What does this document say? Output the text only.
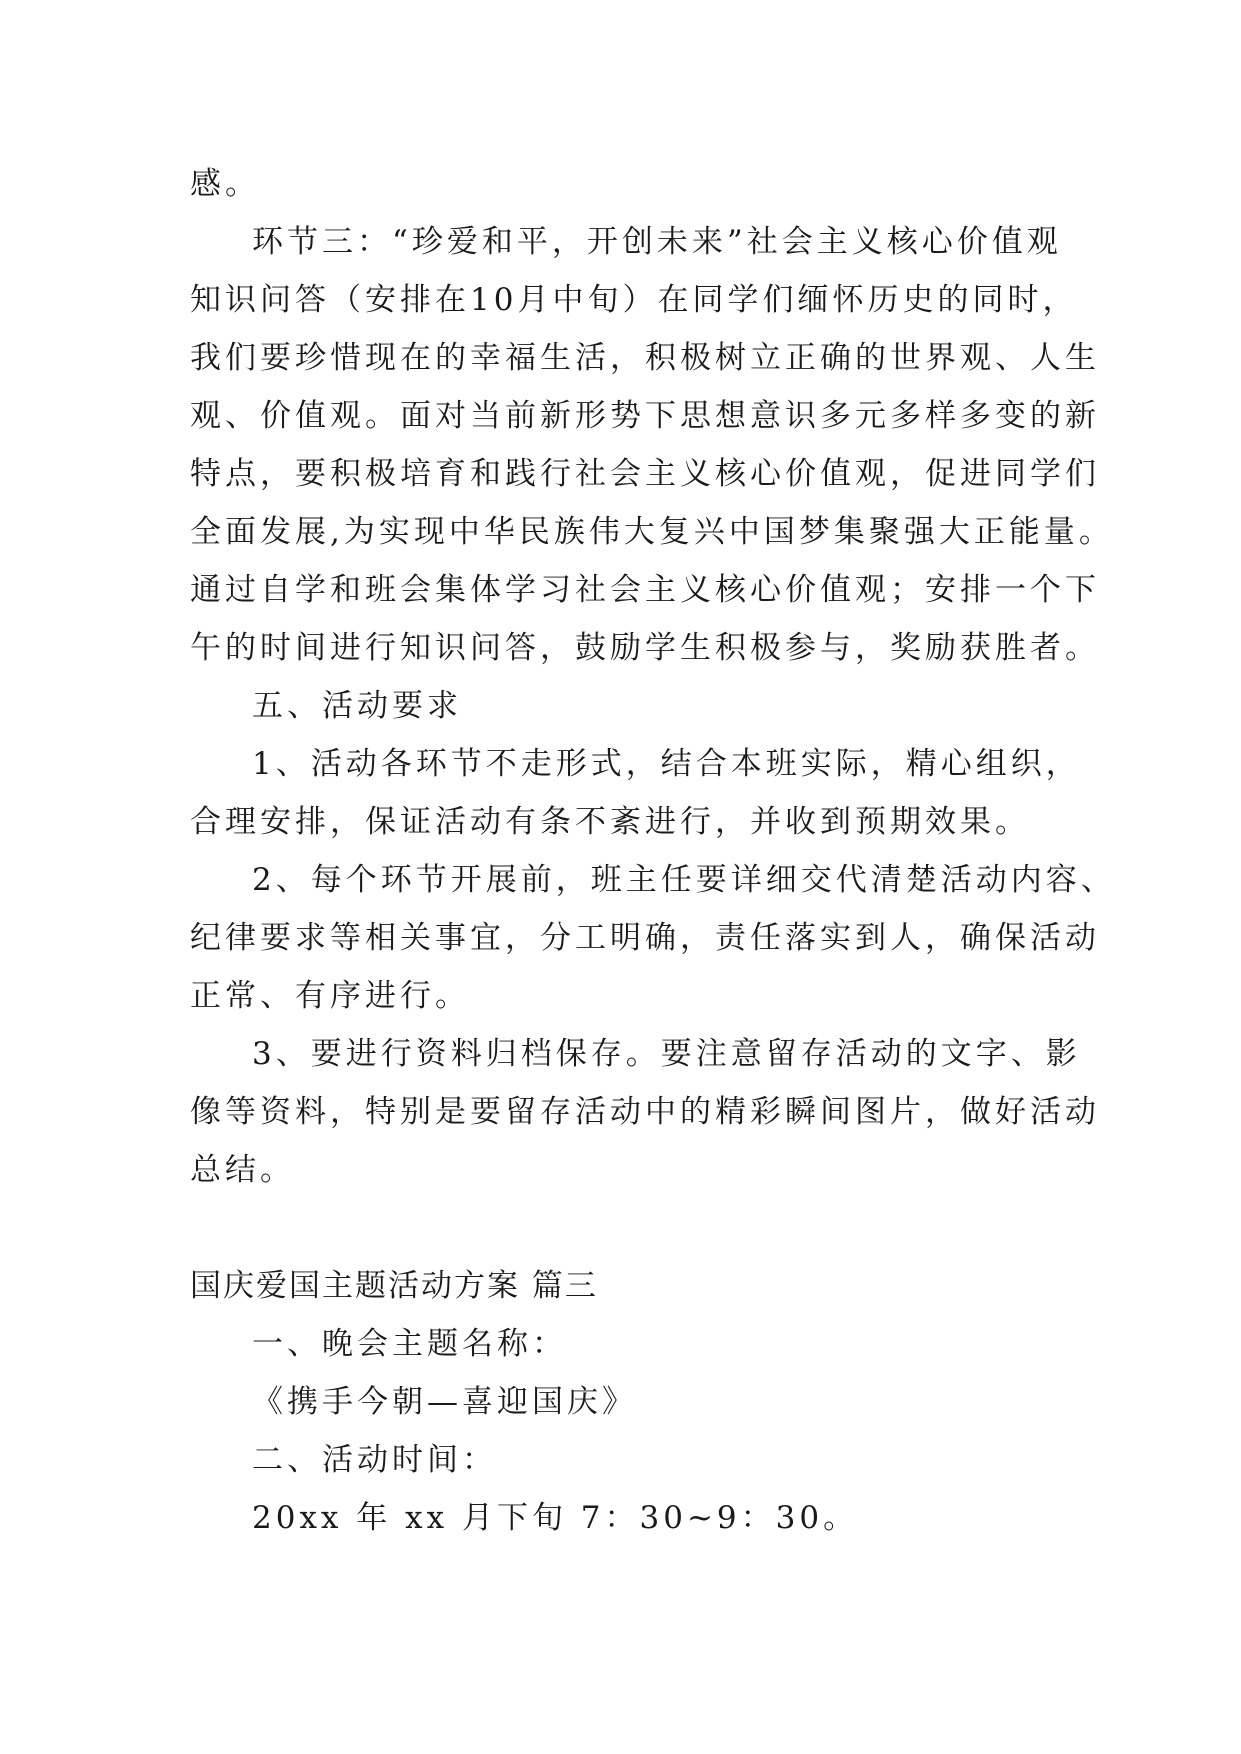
感。
环节三：“珍爱和平，开创未来”社会主义核心价值观
知识问答（安排在10月中旬）在同学们缅怀历史的同时，
我们要珍惜现在的幸福生活，积极树立正确的世界观、人生
观、价值观。面对当前新形势下思想意识多元多样多变的新
特点，要积极培育和践行社会主义核心价值观，促进同学们
全面发展,为实现中华民族伟大复兴中国梦集聚强大正能量。
通过自学和班会集体学习社会主义核心价值观；安排一个下
午的时间进行知识问答，鼓励学生积极参与，奖励获胜者。
五、活动要求
1、活动各环节不走形式，结合本班实际，精心组织，
合理安排，保证活动有条不紊进行，并收到预期效果。
2、每个环节开展前，班主任要详细交代清楚活动内容、
纪律要求等相关事宜，分工明确，责任落实到人，确保活动
正常、有序进行。
3、要进行资料归档保存。要注意留存活动的文字、影
像等资料，特别是要留存活动中的精彩瞬间图片，做好活动
总结。
国庆爱国主题活动方案 篇三
一、晚会主题名称：
《携手今朝—喜迎国庆》
二、活动时间：
20xx 年 xx 月下旬 7：30~9：30。
